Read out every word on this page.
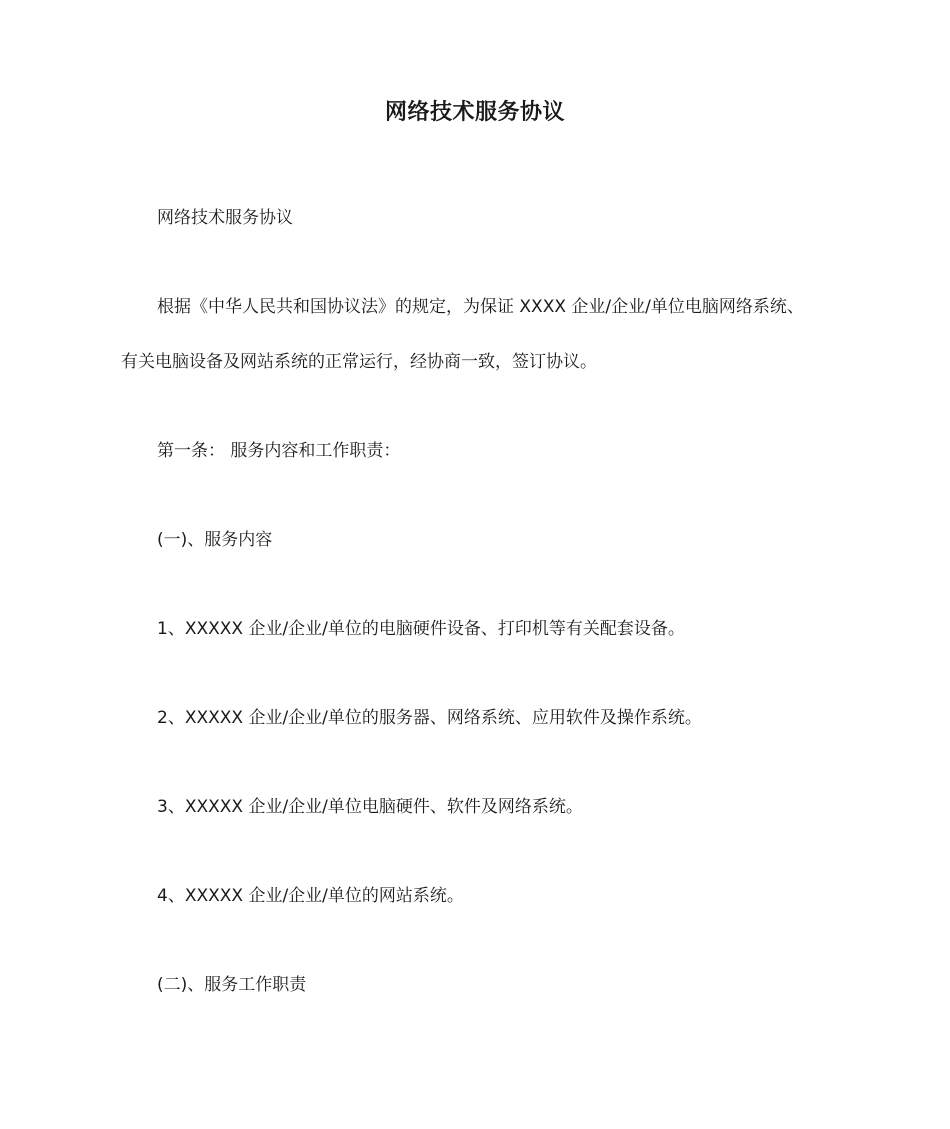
网络技术服务协议

网络技术服务协议

根据《中华人民共和国协议法》的规定，为保证 XXXX 企业/企业/单位电脑网络系统、

有关电脑设备及网站系统的正常运行，经协商一致，签订协议。

第一条： 服务内容和工作职责：

(一)、服务内容

1、XXXXX 企业/企业/单位的电脑硬件设备、打印机等有关配套设备。

2、XXXXX 企业/企业/单位的服务器、网络系统、应用软件及操作系统。

3、XXXXX 企业/企业/单位电脑硬件、软件及网络系统。

4、XXXXX 企业/企业/单位的网站系统。

(二)、服务工作职责
